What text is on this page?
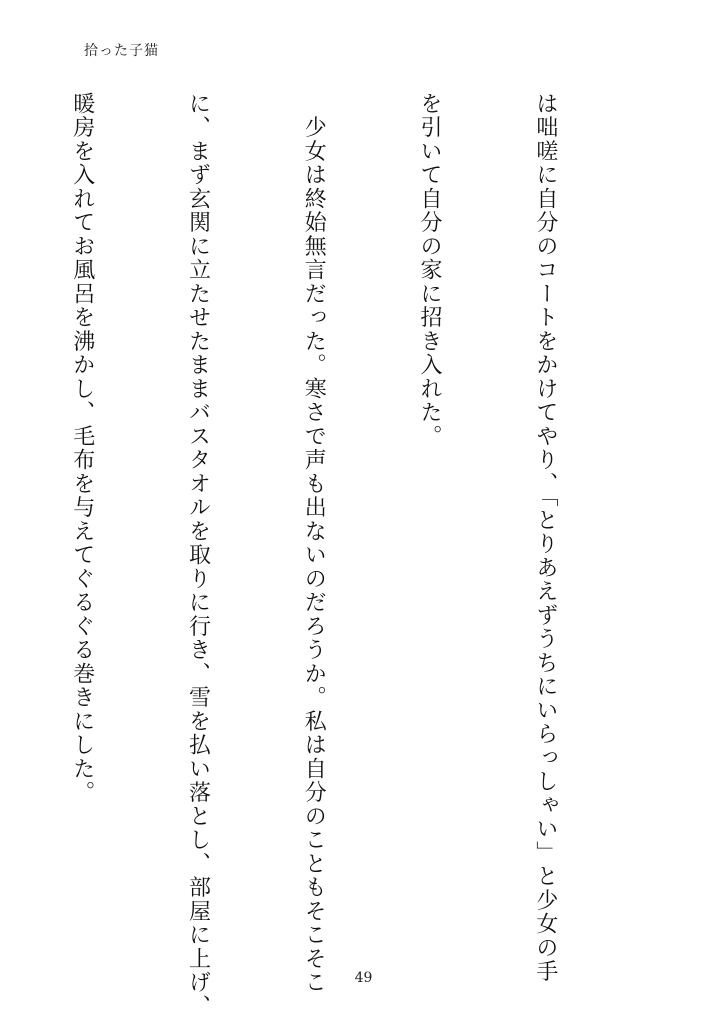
拾った子猫

は咄嗟に自分のコートをかけてやり、「とりあえずうちにいらっしゃい」と少女の手

を引いて自分の家に招き入れた。

　少女は終始無言だった。寒さで声も出ないのだろうか。私は自分のこともそこそこ

に、まず玄関に立たせたままバスタオルを取りに行き、雪を払い落とし、部屋に上げ、

暖房を入れてお風呂を沸かし、毛布を与えてぐるぐる巻きにした。

49
